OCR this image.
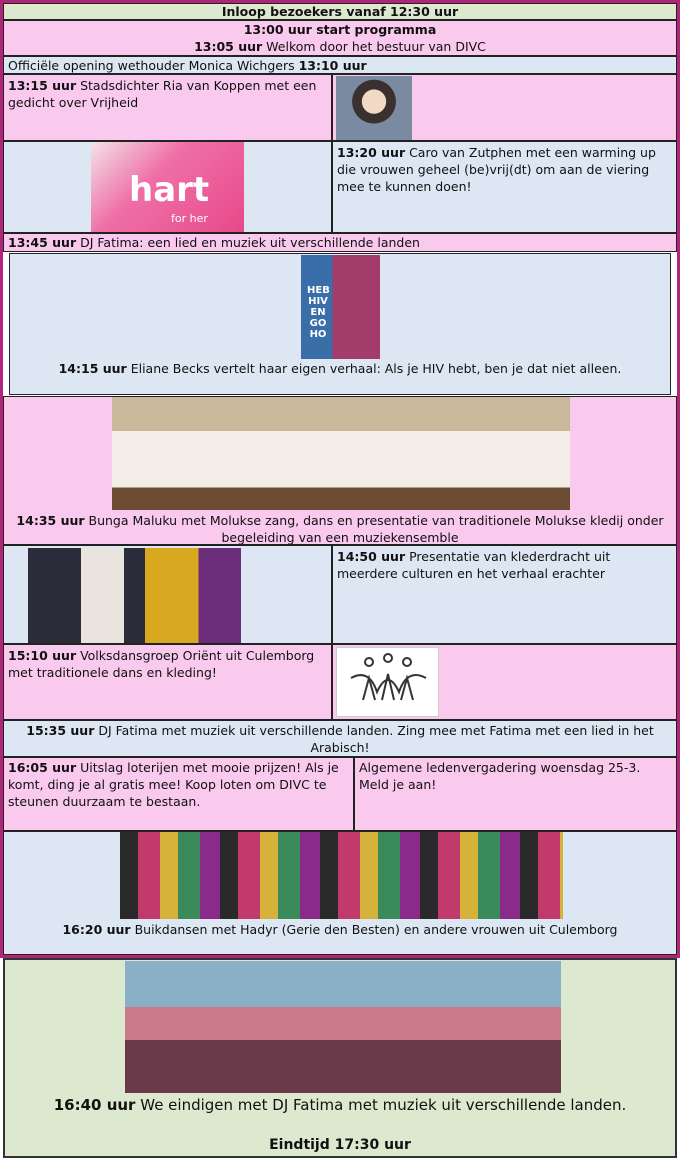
Inloop bezoekers vanaf 12:30 uur

13:00 uur start programma

13:05 uur Welkom door het bestuur van DIVC

Officiële opening wethouder Monica Wichgers 13:10 uur

13:15 uur Stadsdichter Ria van Koppen met een gedicht over Vrijheid

hart
for her

13:20 uur Caro van Zutphen met een warming up die vrouwen geheel (be)vrij(dt) om aan de viering mee te kunnen doen!

13:45 uur DJ Fatima: een lied en muziek uit verschillende landen

HEB HIV EN GO HO

14:15 uur Eliane Becks vertelt haar eigen verhaal: Als je HIV hebt, ben je dat niet alleen.

14:35 uur Bunga Maluku met Molukse zang, dans en presentatie van traditionele Molukse kledij onder begeleiding van een muziekensemble

14:50 uur Presentatie van klederdracht uit meerdere culturen en het verhaal erachter

15:10 uur Volksdansgroep Oriënt uit Culemborg met traditionele dans en kleding!

15:35 uur DJ Fatima met muziek uit verschillende landen. Zing mee met Fatima met een lied in het Arabisch!

16:05 uur Uitslag loterijen met mooie prijzen! Als je komt, ding je al gratis mee! Koop loten om DIVC te steunen duurzaam te bestaan.

Algemene ledenvergadering woensdag 25-3. Meld je aan!

16:20 uur Buikdansen met Hadyr (Gerie den Besten) en andere vrouwen uit Culemborg

16:40 uur We eindigen met DJ Fatima met muziek uit verschillende landen.

Eindtijd 17:30 uur
